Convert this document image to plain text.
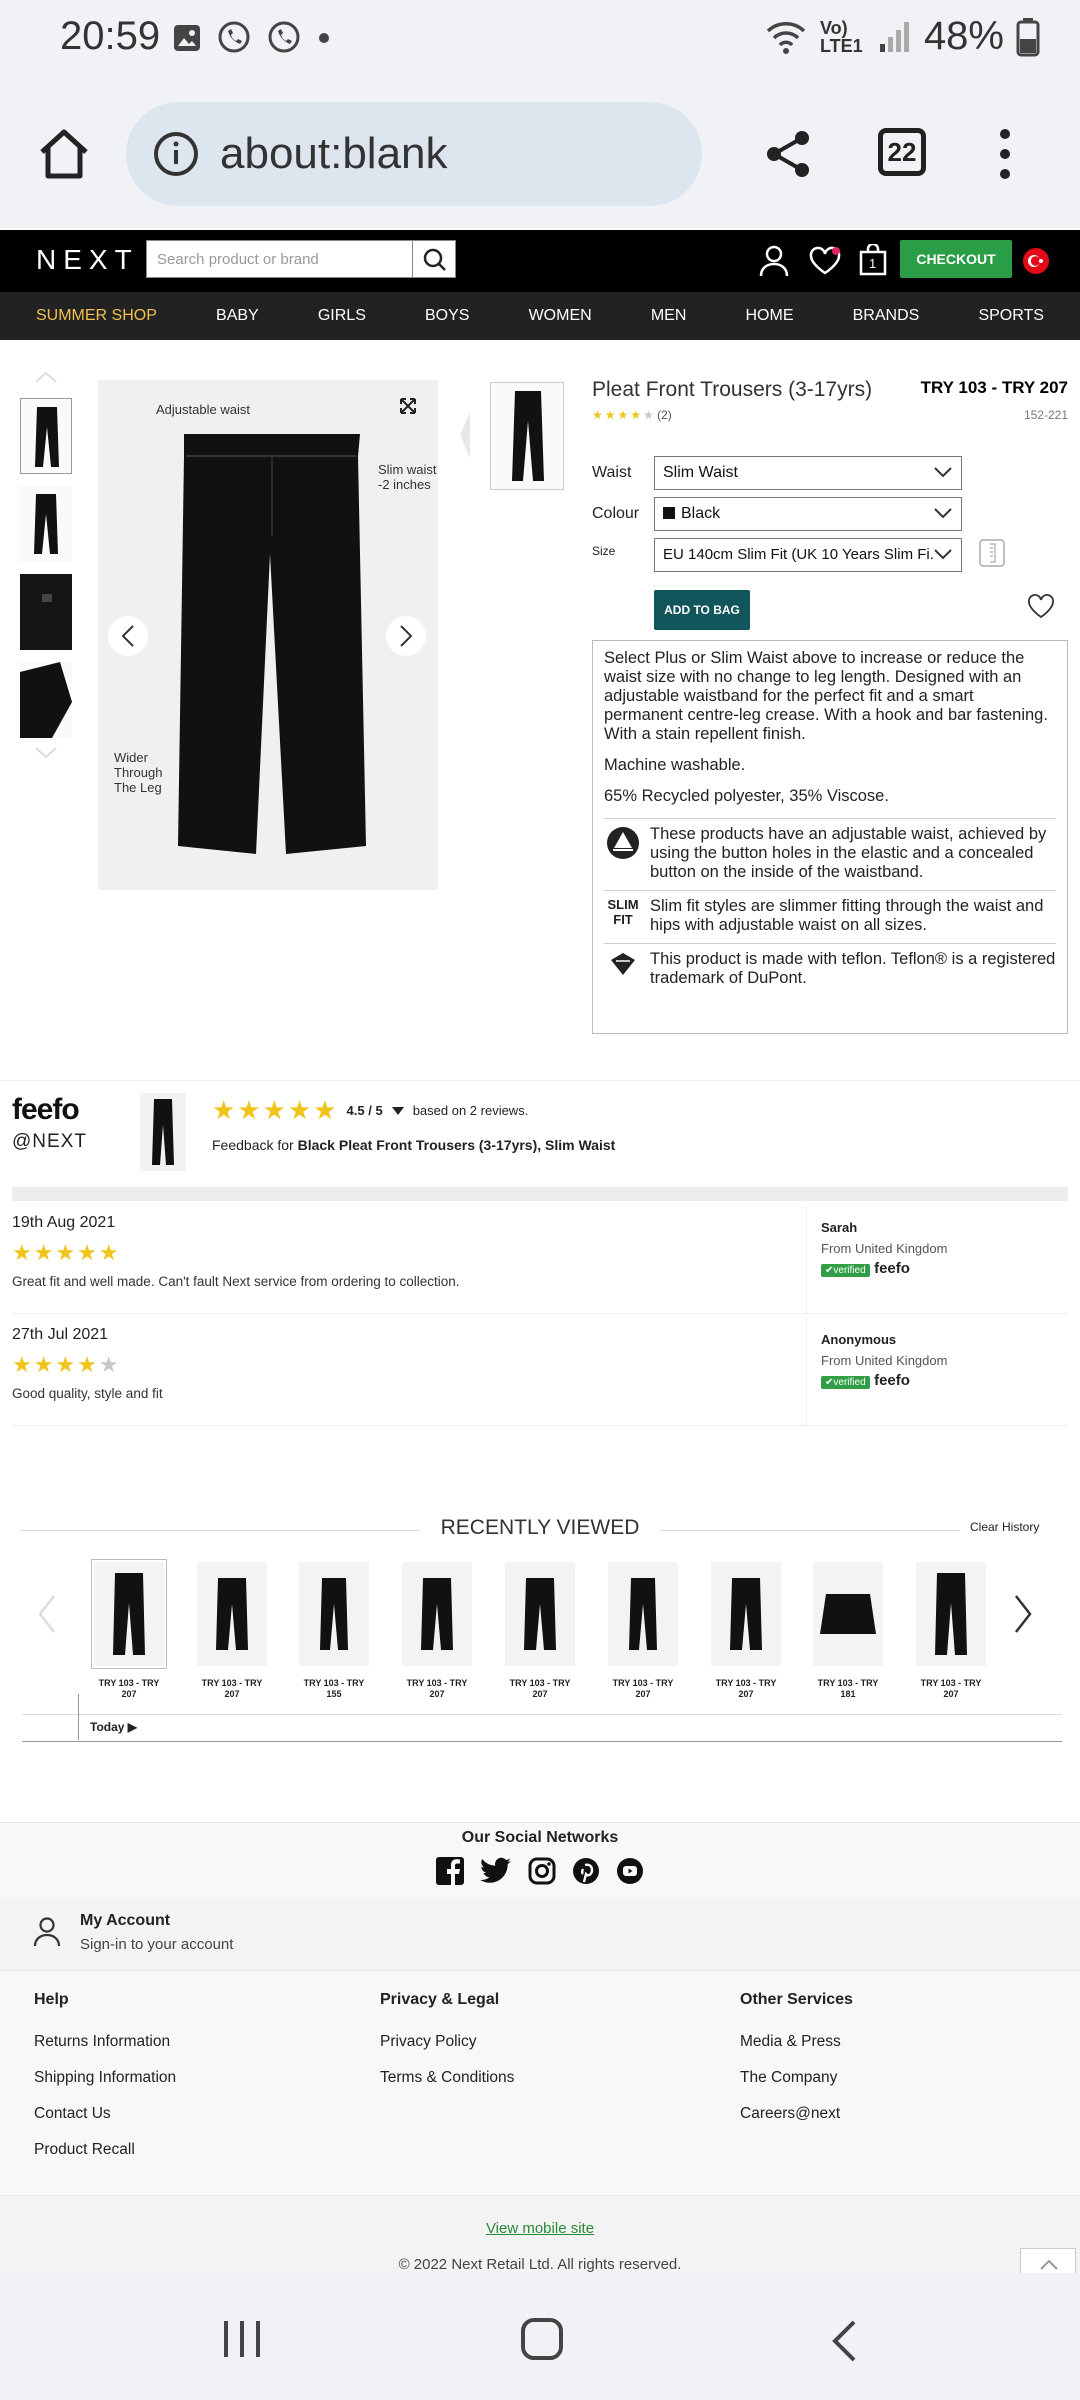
20:59	Vo) LTE1 48%
about:blank	22
NEXT	Search product or brand	1	CHECKOUT
SUMMER SHOP	BABY	GIRLS	BOYS	WOMEN	MEN	HOME	BRANDS	SPORTS
Adjustable waist
Slim waist
-2 inches
Wider
Through
The Leg
Pleat Front Trousers (3-17yrs)	TRY 103 - TRY 207
★★★★★ (2)	152-221
Waist	Slim Waist
Colour	Black
Size	EU 140cm Slim Fit (UK 10 Years Slim Fi...
ADD TO BAG

Select Plus or Slim Waist above to increase or reduce the waist size with no change to leg length. Designed with an adjustable waistband for the perfect fit and a smart permanent centre-leg crease. With a hook and bar fastening. With a stain repellent finish.

Machine washable.

65% Recycled polyester, 35% Viscose.

These products have an adjustable waist, achieved by using the button holes in the elastic and a concealed button on the inside of the waistband.
SLIM FIT
Slim fit styles are slimmer fitting through the waist and hips with adjustable waist on all sizes.
This product is made with teflon. Teflon® is a registered trademark of DuPont.
feefo
@NEXT
★★★★★ 4.5 / 5 based on 2 reviews.
Feedback for Black Pleat Front Trousers (3-17yrs), Slim Waist
19th Aug 2021
★★★★★
Great fit and well made. Can't fault Next service from ordering to collection.
Sarah
From United Kingdom
✔ verified feefo
27th Jul 2021
★★★★★
Good quality, style and fit
Anonymous
From United Kingdom
✔ verified feefo
RECENTLY VIEWED	Clear History
TRY 103 - TRY 207
TRY 103 - TRY 207
TRY 103 - TRY 155
TRY 103 - TRY 207
TRY 103 - TRY 207
TRY 103 - TRY 207
TRY 103 - TRY 207
TRY 103 - TRY 181
TRY 103 - TRY 207
Today ▶
Our Social Networks
My Account
Sign-in to your account
Help
Returns Information
Shipping Information
Contact Us
Product Recall
Privacy & Legal
Privacy Policy
Terms & Conditions
Other Services
Media & Press
The Company
Careers@next
View mobile site
© 2022 Next Retail Ltd. All rights reserved.
